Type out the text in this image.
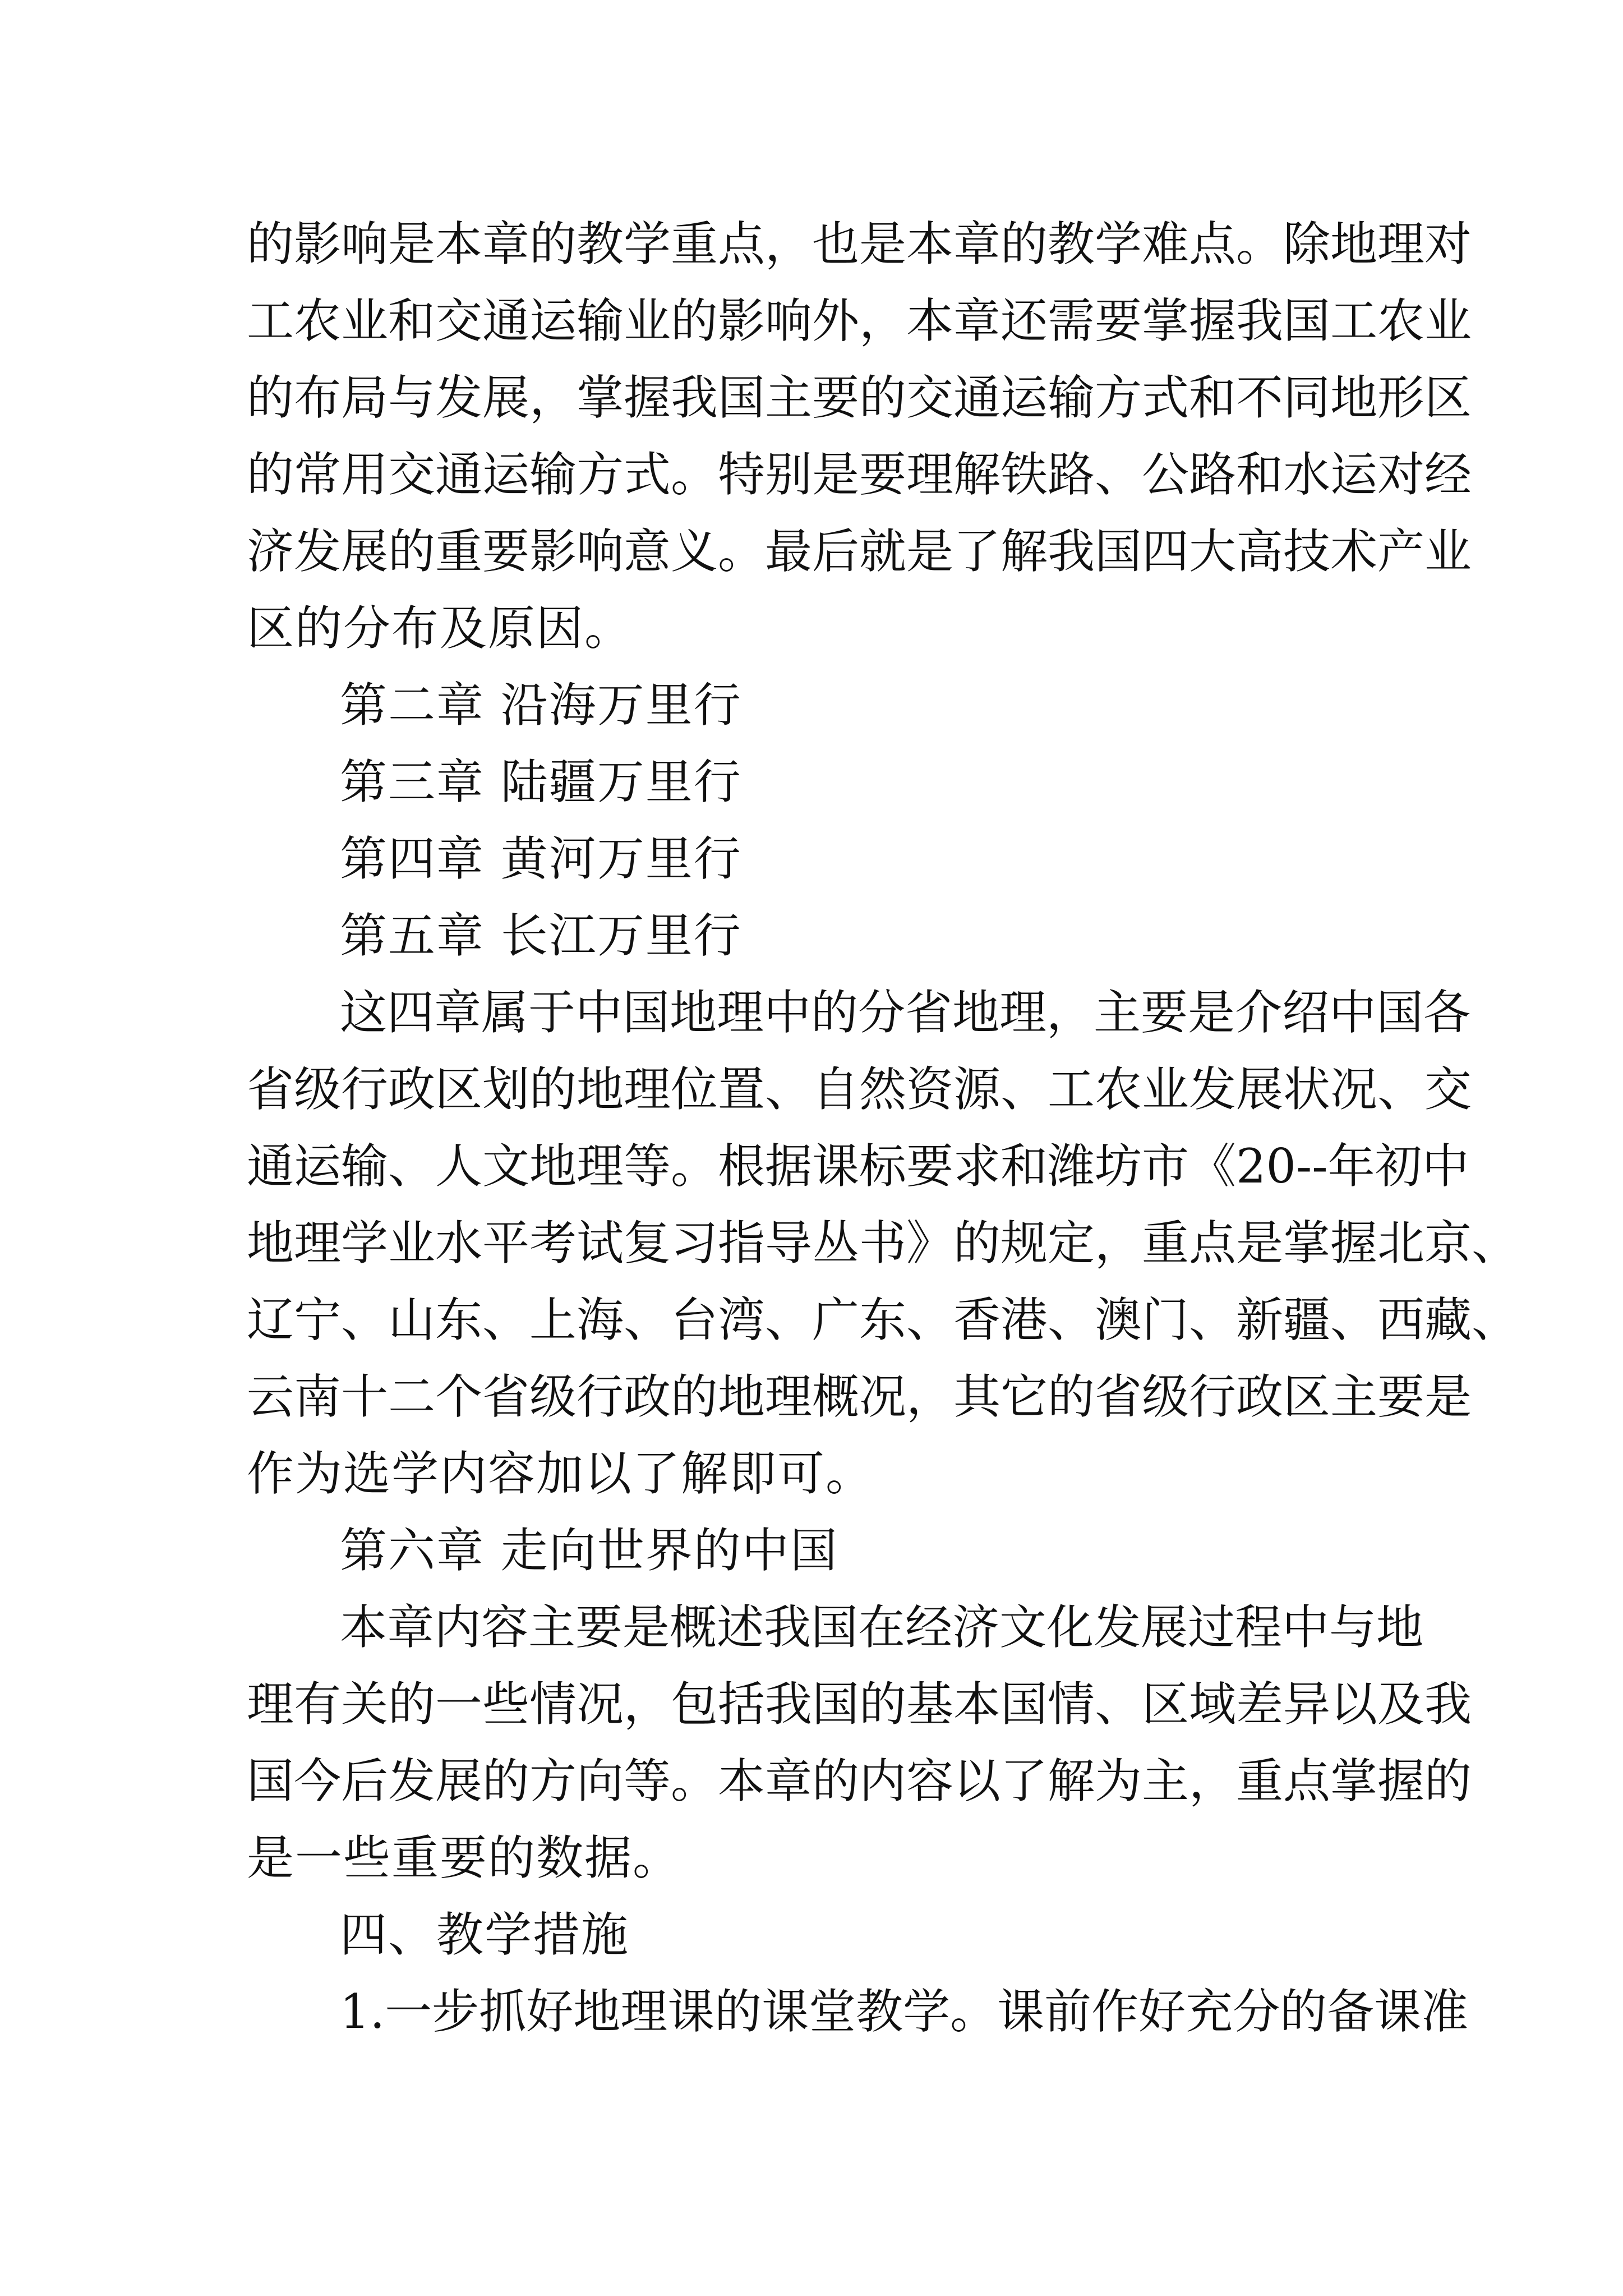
的影响是本章的教学重点，也是本章的教学难点。除地理对
工农业和交通运输业的影响外，本章还需要掌握我国工农业
的布局与发展，掌握我国主要的交通运输方式和不同地形区
的常用交通运输方式。特别是要理解铁路、公路和水运对经
济发展的重要影响意义。最后就是了解我国四大高技术产业
区的分布及原因。
第二章 沿海万里行
第三章 陆疆万里行
第四章 黄河万里行
第五章 长江万里行
这四章属于中国地理中的分省地理，主要是介绍中国各
省级行政区划的地理位置、自然资源、工农业发展状况、交
通运输、人文地理等。根据课标要求和潍坊市《20--年初中
地理学业水平考试复习指导丛书》的规定，重点是掌握北京、
辽宁、山东、上海、台湾、广东、香港、澳门、新疆、西藏、
云南十二个省级行政的地理概况，其它的省级行政区主要是
作为选学内容加以了解即可。
第六章 走向世界的中国
本章内容主要是概述我国在经济文化发展过程中与地
理有关的一些情况，包括我国的基本国情、区域差异以及我
国今后发展的方向等。本章的内容以了解为主，重点掌握的
是一些重要的数据。
四、教学措施
1.一步抓好地理课的课堂教学。课前作好充分的备课准
